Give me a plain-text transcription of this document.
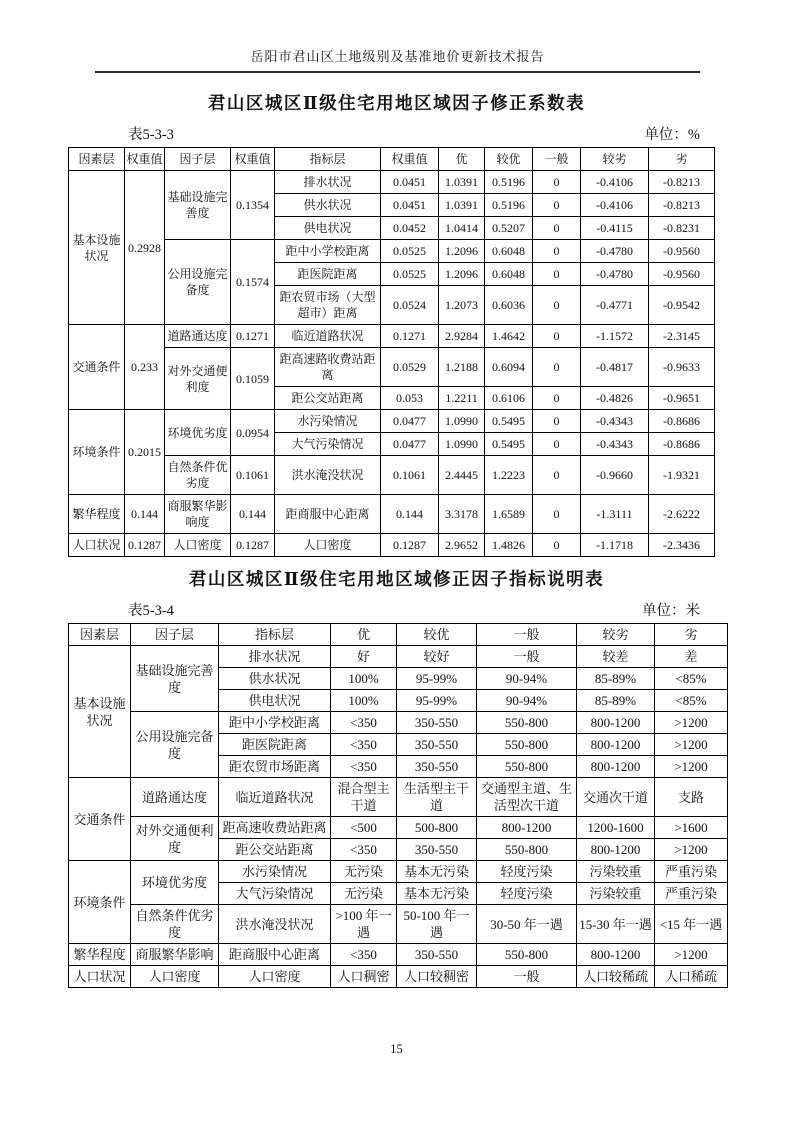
岳阳市君山区土地级别及基准地价更新技术报告
君山区城区Ⅱ级住宅用地区域因子修正系数表
表5-3-3	单位：%
因素层	权重值	因子层	权重值	指标层	权重值	优	较优	一般	较劣	劣
基本设施状况	0.2928	基础设施完善度	0.1354	排水状况	0.0451	1.0391	0.5196	0	-0.4106	-0.8213
				供水状况	0.0451	1.0391	0.5196	0	-0.4106	-0.8213
				供电状况	0.0452	1.0414	0.5207	0	-0.4115	-0.8231
		公用设施完备度	0.1574	距中小学校距离	0.0525	1.2096	0.6048	0	-0.4780	-0.9560
				距医院距离	0.0525	1.2096	0.6048	0	-0.4780	-0.9560
				距农贸市场（大型超市）距离	0.0524	1.2073	0.6036	0	-0.4771	-0.9542
交通条件	0.233	道路通达度	0.1271	临近道路状况	0.1271	2.9284	1.4642	0	-1.1572	-2.3145
		对外交通便利度	0.1059	距高速路收费站距离	0.0529	1.2188	0.6094	0	-0.4817	-0.9633
				距公交站距离	0.053	1.2211	0.6106	0	-0.4826	-0.9651
环境条件	0.2015	环境优劣度	0.0954	水污染情况	0.0477	1.0990	0.5495	0	-0.4343	-0.8686
				大气污染情况	0.0477	1.0990	0.5495	0	-0.4343	-0.8686
		自然条件优劣度	0.1061	洪水淹没状况	0.1061	2.4445	1.2223	0	-0.9660	-1.9321
繁华程度	0.144	商服繁华影响度	0.144	距商服中心距离	0.144	3.3178	1.6589	0	-1.3111	-2.6222
人口状况	0.1287	人口密度	0.1287	人口密度	0.1287	2.9652	1.4826	0	-1.1718	-2.3436
君山区城区Ⅱ级住宅用地区域修正因子指标说明表
表5-3-4	单位：米
因素层	因子层	指标层	优	较优	一般	较劣	劣
基本设施状况	基础设施完善度	排水状况	好	较好	一般	较差	差
		供水状况	100%	95-99%	90-94%	85-89%	<85%
		供电状况	100%	95-99%	90-94%	85-89%	<85%
	公用设施完备度	距中小学校距离	<350	350-550	550-800	800-1200	>1200
		距医院距离	<350	350-550	550-800	800-1200	>1200
		距农贸市场距离	<350	350-550	550-800	800-1200	>1200
交通条件	道路通达度	临近道路状况	混合型主干道	生活型主干道	交通型主道、生活型次干道	交通次干道	支路
	对外交通便利度	距高速收费站距离	<500	500-800	800-1200	1200-1600	>1600
		距公交站距离	<350	350-550	550-800	800-1200	>1200
环境条件	环境优劣度	水污染情况	无污染	基本无污染	轻度污染	污染较重	严重污染
		大气污染情况	无污染	基本无污染	轻度污染	污染较重	严重污染
	自然条件优劣度	洪水淹没状况	>100 年一遇	50-100 年一遇	30-50 年一遇	15-30 年一遇	<15 年一遇
繁华程度	商服繁华影响	距商服中心距离	<350	350-550	550-800	800-1200	>1200
人口状况	人口密度	人口密度	人口稠密	人口较稠密	一般	人口较稀疏	人口稀疏
15
